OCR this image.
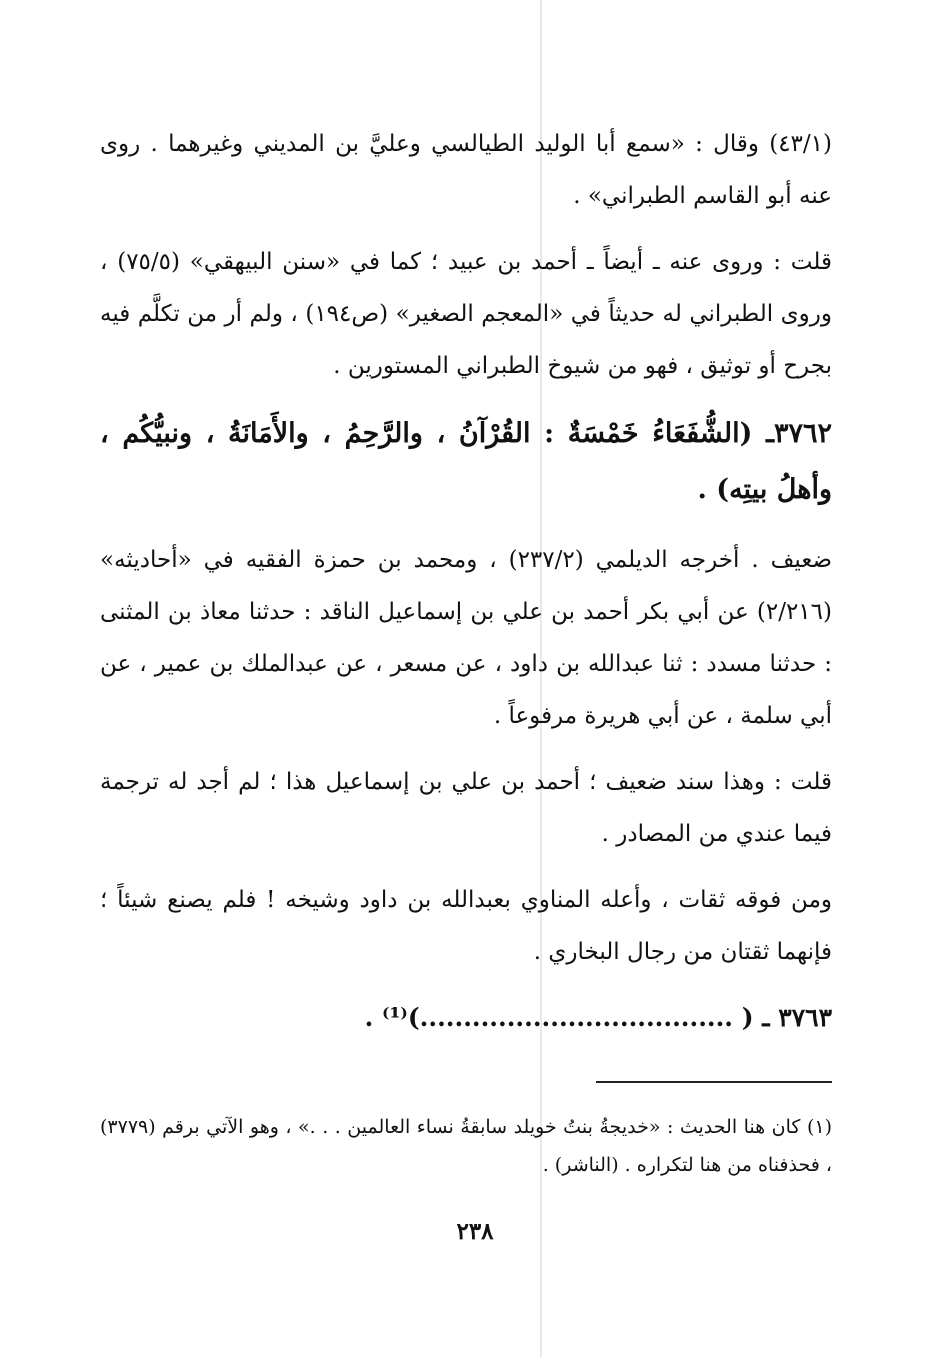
(٤٣/١) وقال : «سمع أبا الوليد الطيالسي وعليَّ بن المديني وغيرهما . روى عنه أبو القاسم الطبراني» .

قلت : وروى عنه ـ أيضاً ـ أحمد بن عبيد ؛ كما في «سنن البيهقي» (٧٥/٥) ، وروى الطبراني له حديثاً في «المعجم الصغير» (ص١٩٤) ، ولم أر من تكلَّم فيه بجرح أو توثيق ، فهو من شيوخ الطبراني المستورين .

٣٧٦٢ـ (الشُّفَعَاءُ خَمْسَةٌ : القُرْآنُ ، والرَّحِمُ ، والأَمَانَةُ ، ونبيُّكُم ، وأهلُ بيتِه) .

ضعيف . أخرجه الديلمي (٢٣٧/٢) ، ومحمد بن حمزة الفقيه في «أحاديثه» (٢/٢١٦) عن أبي بكر أحمد بن علي بن إسماعيل الناقد : حدثنا معاذ بن المثنى : حدثنا مسدد : ثنا عبدالله بن داود ، عن مسعر ، عن عبدالملك بن عمير ، عن أبي سلمة ، عن أبي هريرة مرفوعاً .

قلت : وهذا سند ضعيف ؛ أحمد بن علي بن إسماعيل هذا ؛ لم أجد له ترجمة فيما عندي من المصادر .

ومن فوقه ثقات ، وأعله المناوي بعبدالله بن داود وشيخه ! فلم يصنع شيئاً ؛ فإنهما ثقتان من رجال البخاري .

٣٧٦٣ ـ ( ....................................)⁽¹⁾ .

(١) كان هنا الحديث : «خديجةُ بنتُ خويلد سابقةُ نساء العالمين . . .» ، وهو الآتي برقم (٣٧٧٩) ، فحذفناه من هنا لتكراره . (الناشر) .

٢٣٨
